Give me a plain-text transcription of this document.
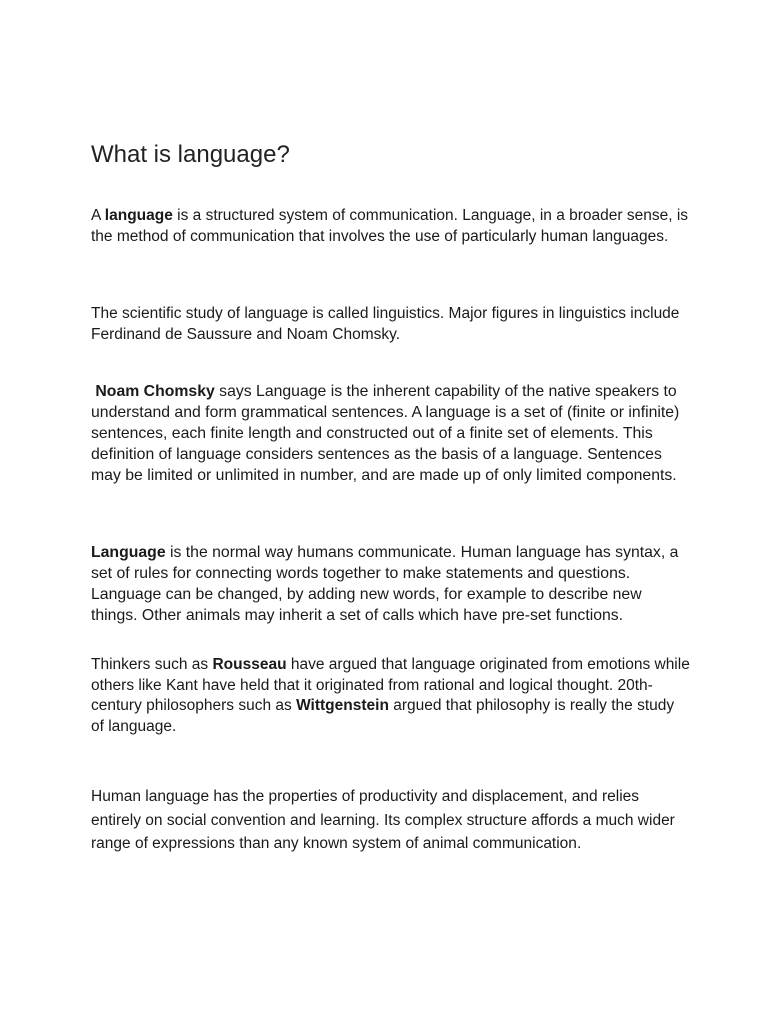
What is language?

A language is a structured system of communication. Language, in a broader sense, is the method of communication that involves the use of particularly human languages.

The scientific study of language is called linguistics. Major figures in linguistics include Ferdinand de Saussure and Noam Chomsky.

Noam Chomsky says Language is the inherent capability of the native speakers to understand and form grammatical sentences. A language is a set of (finite or infinite) sentences, each finite length and constructed out of a finite set of elements. This definition of language considers sentences as the basis of a language. Sentences may be limited or unlimited in number, and are made up of only limited components.

Language is the normal way humans communicate. Human language has syntax, a set of rules for connecting words together to make statements and questions. Language can be changed, by adding new words, for example to describe new things. Other animals may inherit a set of calls which have pre-set functions.

Thinkers such as Rousseau have argued that language originated from emotions while others like Kant have held that it originated from rational and logical thought. 20th-century philosophers such as Wittgenstein argued that philosophy is really the study of language.

Human language has the properties of productivity and displacement, and relies entirely on social convention and learning. Its complex structure affords a much wider range of expressions than any known system of animal communication.
